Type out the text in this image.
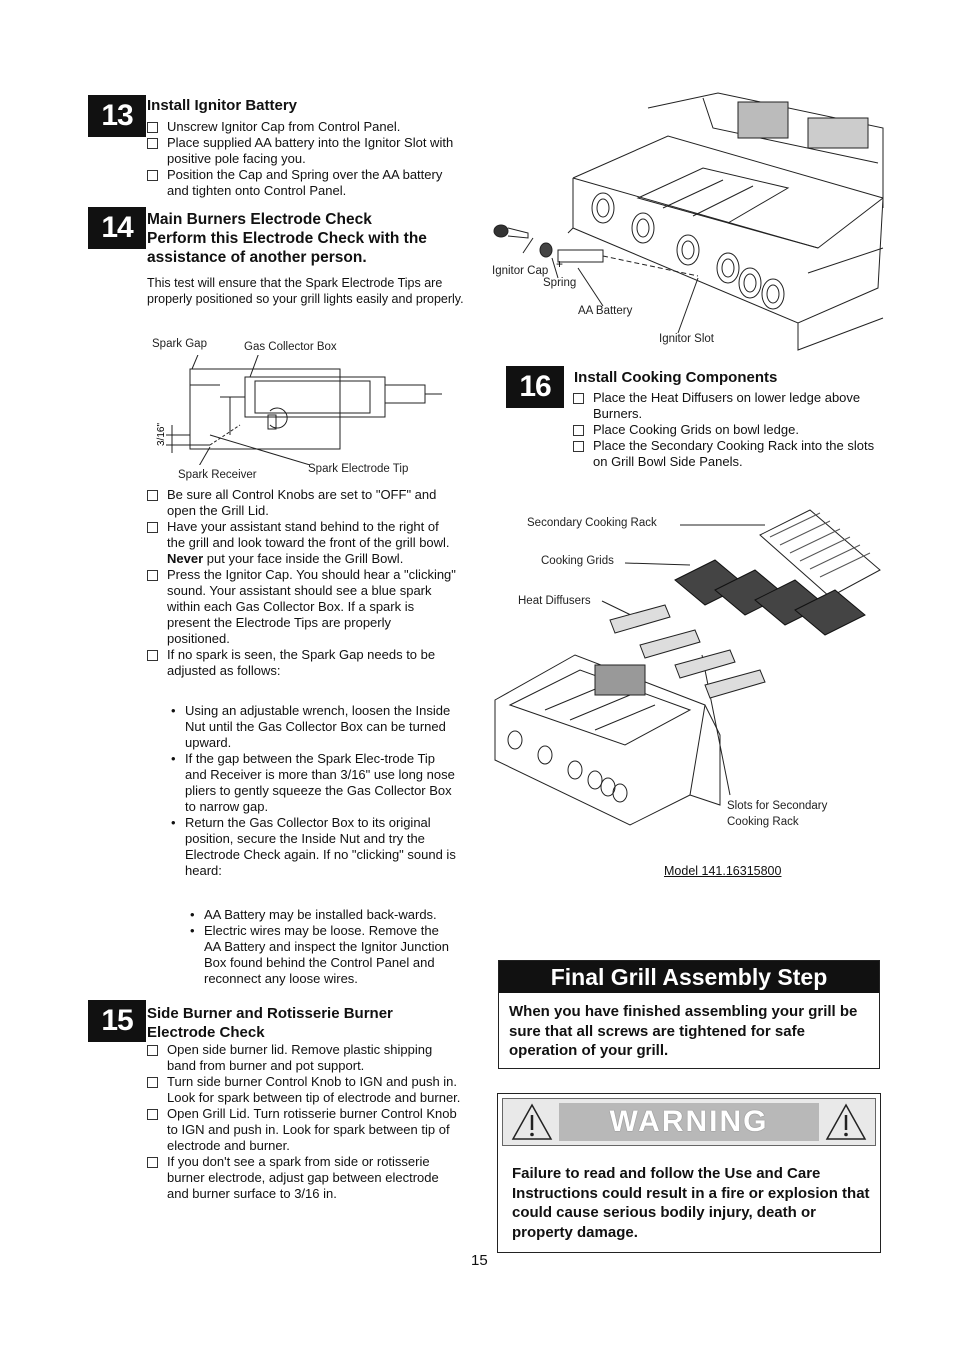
13 Install Ignitor Battery
Unscrew Ignitor Cap from Control Panel.
Place supplied AA battery into the Ignitor Slot with positive pole facing you.
Position the Cap and Spring over the AA battery and tighten onto Control Panel.
14 Main Burners Electrode Check
Perform this Electrode Check with the assistance of another person.
This test will ensure that the Spark Electrode Tips are properly positioned so your grill lights easily and properly.
Spark Gap	Gas Collector Box
3/16"
Spark Receiver	Spark Electrode Tip
Be sure all Control Knobs are set to "OFF" and open the Grill Lid.
Have your assistant stand behind to the right of the grill and look toward the front of the grill bowl. Never put your face inside the Grill Bowl.
Press the Ignitor Cap. You should hear a "clicking" sound. Your assistant should see a blue spark within each Gas Collector Box. If a spark is present the Electrode Tips are properly positioned.
If no spark is seen, the Spark Gap needs to be adjusted as follows:
• Using an adjustable wrench, loosen the Inside Nut until the Gas Collector Box can be turned upward.
• If the gap between the Spark Elec-trode Tip and Receiver is more than 3/16" use long nose pliers to gently squeeze the Gas Collector Box to narrow gap.
• Return the Gas Collector Box to its original position, secure the Inside Nut and try the Electrode Check again. If no "clicking" sound is heard:
• AA Battery may be installed back-wards.
• Electric wires may be loose. Remove the AA Battery and inspect the Ignitor Junction Box found behind the Control Panel and reconnect any loose wires.
15 Side Burner and Rotisserie Burner Electrode Check
Open side burner lid. Remove plastic shipping band from burner and pot support.
Turn side burner Control Knob to IGN and push in. Look for spark between tip of electrode and burner.
Open Grill Lid. Turn rotisserie burner Control Knob to IGN and push in. Look for spark between tip of electrode and burner.
If you don't see a spark from side or rotisserie burner electrode, adjust gap between electrode and burner surface to 3/16 in.
+
Ignitor Cap
Spring
AA Battery
Ignitor Slot
16 Install Cooking Components
Place the Heat Diffusers on lower ledge above Burners.
Place Cooking Grids on bowl ledge.
Place the Secondary Cooking Rack into the slots on Grill Bowl Side Panels.
Secondary Cooking Rack
Cooking Grids
Heat Diffusers
Slots for Secondary Cooking Rack
Model 141.16315800
Final Grill Assembly Step
When you have finished assembling your grill be sure that all screws are tightened for safe operation of your grill.
WARNING
Failure to read and follow the Use and Care Instructions could result in a fire or explosion that could cause serious bodily injury, death or property damage.
15
